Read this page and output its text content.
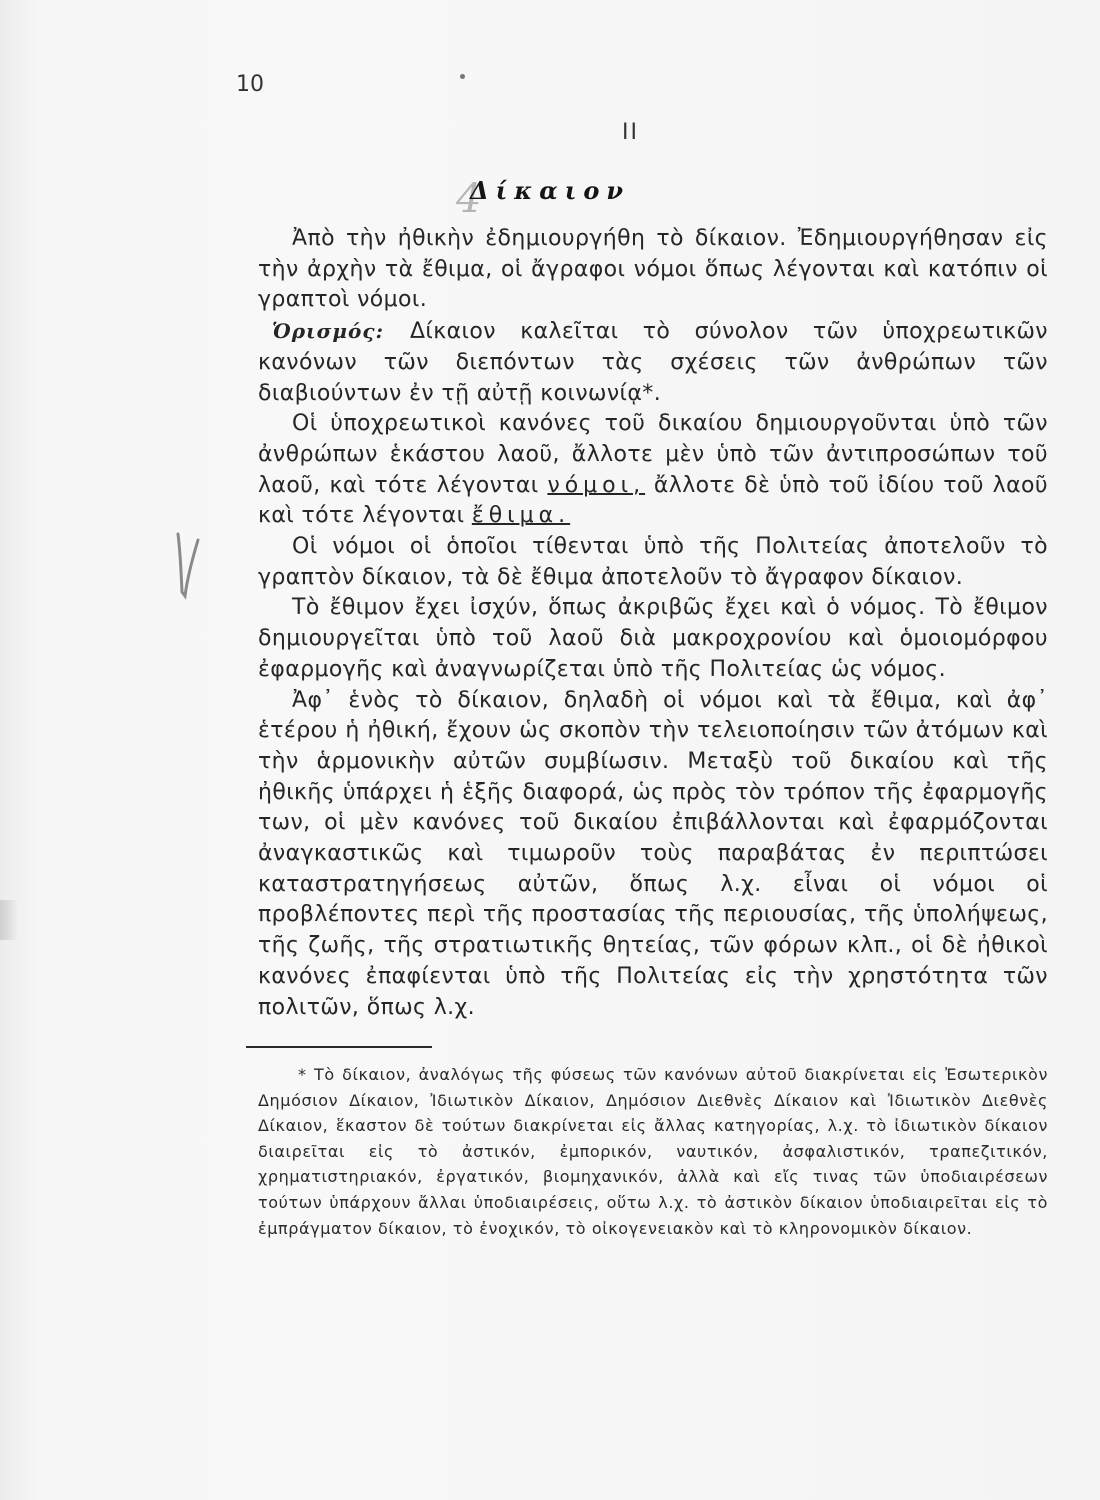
10
II
4
Δίκαιον

Ἀπὸ τὴν ἠθικὴν ἐδημιουργήθη τὸ δίκαιον. Ἐδημιουργήθησαν εἰς τὴν ἀρχὴν τὰ ἔθιμα, οἱ ἄγραφοι νόμοι ὅπως λέγονται καὶ κατόπιν οἱ γραπτοὶ νόμοι.

Ὁρισμός: Δίκαιον καλεῖται τὸ σύνολον τῶν ὑποχρεωτικῶν κανόνων τῶν διεπόντων τὰς σχέσεις τῶν ἀνθρώπων τῶν διαβιούντων ἐν τῇ αὐτῇ κοινωνίᾳ*.

Οἱ ὑποχρεωτικοὶ κανόνες τοῦ δικαίου δημιουργοῦνται ὑπὸ τῶν ἀνθρώπων ἑκάστου λαοῦ, ἄλλοτε μὲν ὑπὸ τῶν ἀντιπροσώπων τοῦ λαοῦ, καὶ τότε λέγονται νόμοι, ἄλλοτε δὲ ὑπὸ τοῦ ἰδίου τοῦ λαοῦ καὶ τότε λέγονται ἔθιμα.

Οἱ νόμοι οἱ ὁποῖοι τίθενται ὑπὸ τῆς Πολιτείας ἀποτελοῦν τὸ γραπτὸν δίκαιον, τὰ δὲ ἔθιμα ἀποτελοῦν τὸ ἄγραφον δίκαιον.

Τὸ ἔθιμον ἔχει ἰσχύν, ὅπως ἀκριβῶς ἔχει καὶ ὁ νόμος. Τὸ ἔθιμον δημιουργεῖται ὑπὸ τοῦ λαοῦ διὰ μακροχρονίου καὶ ὁμοιομόρφου ἐφαρμογῆς καὶ ἀναγνωρίζεται ὑπὸ τῆς Πολιτείας ὡς νόμος.

Ἀφ᾽ ἑνὸς τὸ δίκαιον, δηλαδὴ οἱ νόμοι καὶ τὰ ἔθιμα, καὶ ἀφ᾽ ἑτέρου ἡ ἠθική, ἔχουν ὡς σκοπὸν τὴν τελειοποίησιν τῶν ἀτόμων καὶ τὴν ἁρμονικὴν αὐτῶν συμβίωσιν. Μεταξὺ τοῦ δικαίου καὶ τῆς ἠθικῆς ὑπάρχει ἡ ἑξῆς διαφορά, ὡς πρὸς τὸν τρόπον τῆς ἐφαρμογῆς των, οἱ μὲν κανόνες τοῦ δικαίου ἐπιβάλλονται καὶ ἐφαρμόζονται ἀναγκαστικῶς καὶ τιμωροῦν τοὺς παραβάτας ἐν περιπτώσει καταστρατηγήσεως αὐτῶν, ὅπως λ.χ. εἶναι οἱ νόμοι οἱ προβλέποντες περὶ τῆς προστασίας τῆς περιουσίας, τῆς ὑπολήψεως, τῆς ζωῆς, τῆς στρατιωτικῆς θητείας, τῶν φόρων κλπ., οἱ δὲ ἠθικοὶ κανόνες ἐπαφίενται ὑπὸ τῆς Πολιτείας εἰς τὴν χρηστότητα τῶν πολιτῶν, ὅπως λ.χ.

* Τὸ δίκαιον, ἀναλόγως τῆς φύσεως τῶν κανόνων αὐτοῦ διακρίνεται εἰς Ἐσωτερικὸν Δημόσιον Δίκαιον, Ἰδιωτικὸν Δίκαιον, Δημόσιον Διεθνὲς Δίκαιον καὶ Ἰδιωτικὸν Διεθνὲς Δίκαιον, ἕκαστον δὲ τούτων διακρίνεται εἰς ἄλλας κατηγορίας, λ.χ. τὸ ἰδιωτικὸν δίκαιον διαιρεῖται εἰς τὸ ἀστικόν, ἐμπορικόν, ναυτικόν, ἀσφαλιστικόν, τραπεζιτικόν, χρηματιστηριακόν, ἐργατικόν, βιομηχανικόν, ἀλλὰ καὶ εἴς τινας τῶν ὑποδιαιρέσεων τούτων ὑπάρχουν ἄλλαι ὑποδιαιρέσεις, οὕτω λ.χ. τὸ ἀστικὸν δίκαιον ὑποδιαιρεῖται εἰς τὸ ἐμπράγματον δίκαιον, τὸ ἐνοχικόν, τὸ οἰκογενειακὸν καὶ τὸ κληρονομικὸν δίκαιον.
